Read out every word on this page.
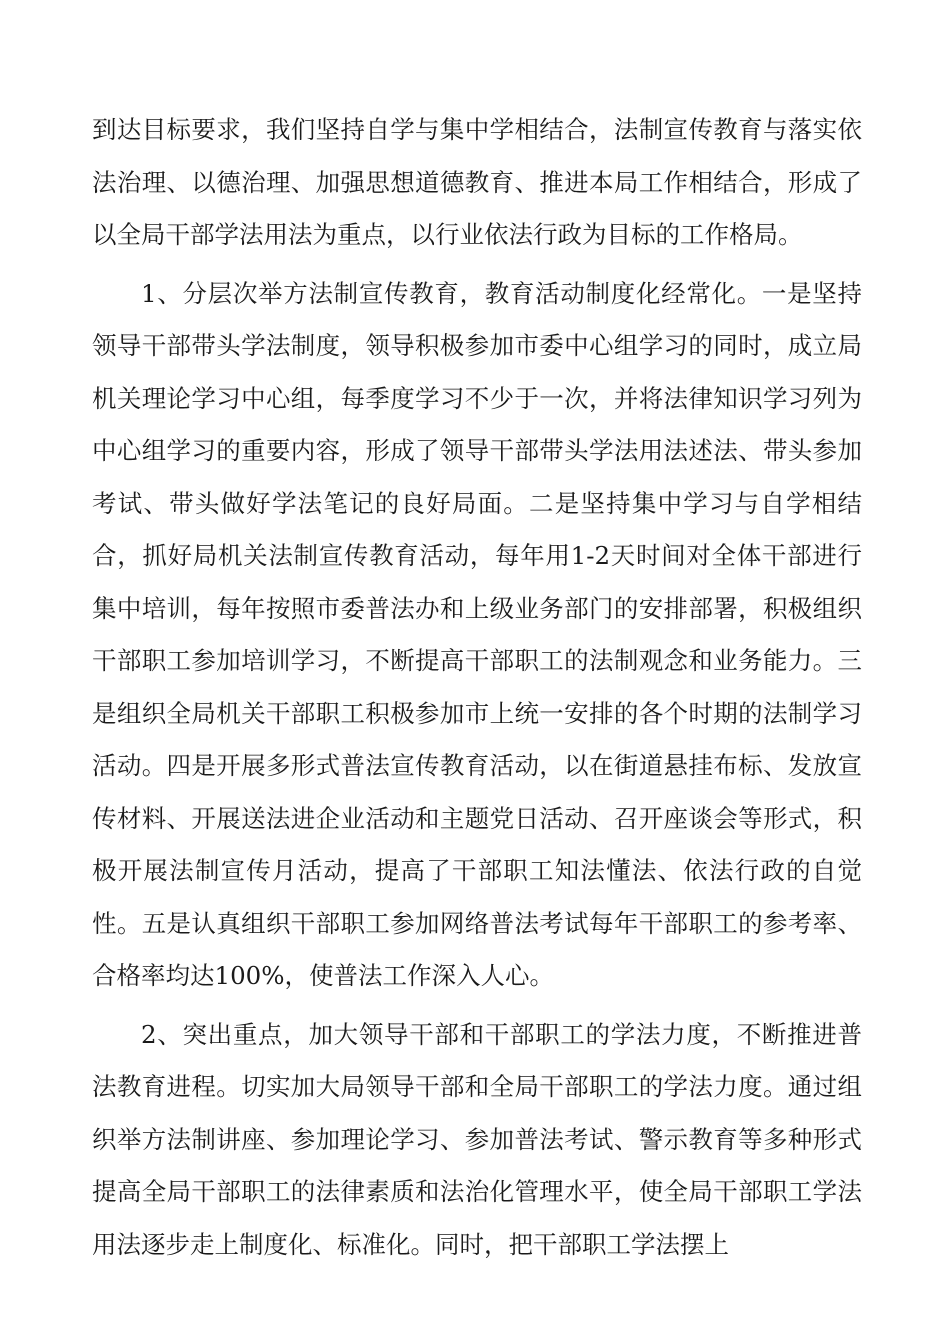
到达目标要求，我们坚持自学与集中学相结合，法制宣传教育与落实依法治理、以德治理、加强思想道德教育、推进本局工作相结合，形成了以全局干部学法用法为重点，以行业依法行政为目标的工作格局。

1、分层次举方法制宣传教育，教育活动制度化经常化。一是坚持领导干部带头学法制度，领导积极参加市委中心组学习的同时，成立局机关理论学习中心组，每季度学习不少于一次，并将法律知识学习列为中心组学习的重要内容，形成了领导干部带头学法用法述法、带头参加考试、带头做好学法笔记的良好局面。二是坚持集中学习与自学相结合，抓好局机关法制宣传教育活动，每年用1-2天时间对全体干部进行集中培训，每年按照市委普法办和上级业务部门的安排部署，积极组织干部职工参加培训学习，不断提高干部职工的法制观念和业务能力。三是组织全局机关干部职工积极参加市上统一安排的各个时期的法制学习活动。四是开展多形式普法宣传教育活动，以在街道悬挂布标、发放宣传材料、开展送法进企业活动和主题党日活动、召开座谈会等形式，积极开展法制宣传月活动，提高了干部职工知法懂法、依法行政的自觉性。五是认真组织干部职工参加网络普法考试每年干部职工的参考率、合格率均达100%，使普法工作深入人心。

2、突出重点，加大领导干部和干部职工的学法力度，不断推进普法教育进程。切实加大局领导干部和全局干部职工的学法力度。通过组织举方法制讲座、参加理论学习、参加普法考试、警示教育等多种形式提高全局干部职工的法律素质和法治化管理水平，使全局干部职工学法用法逐步走上制度化、标准化。同时，把干部职工学法摆上
